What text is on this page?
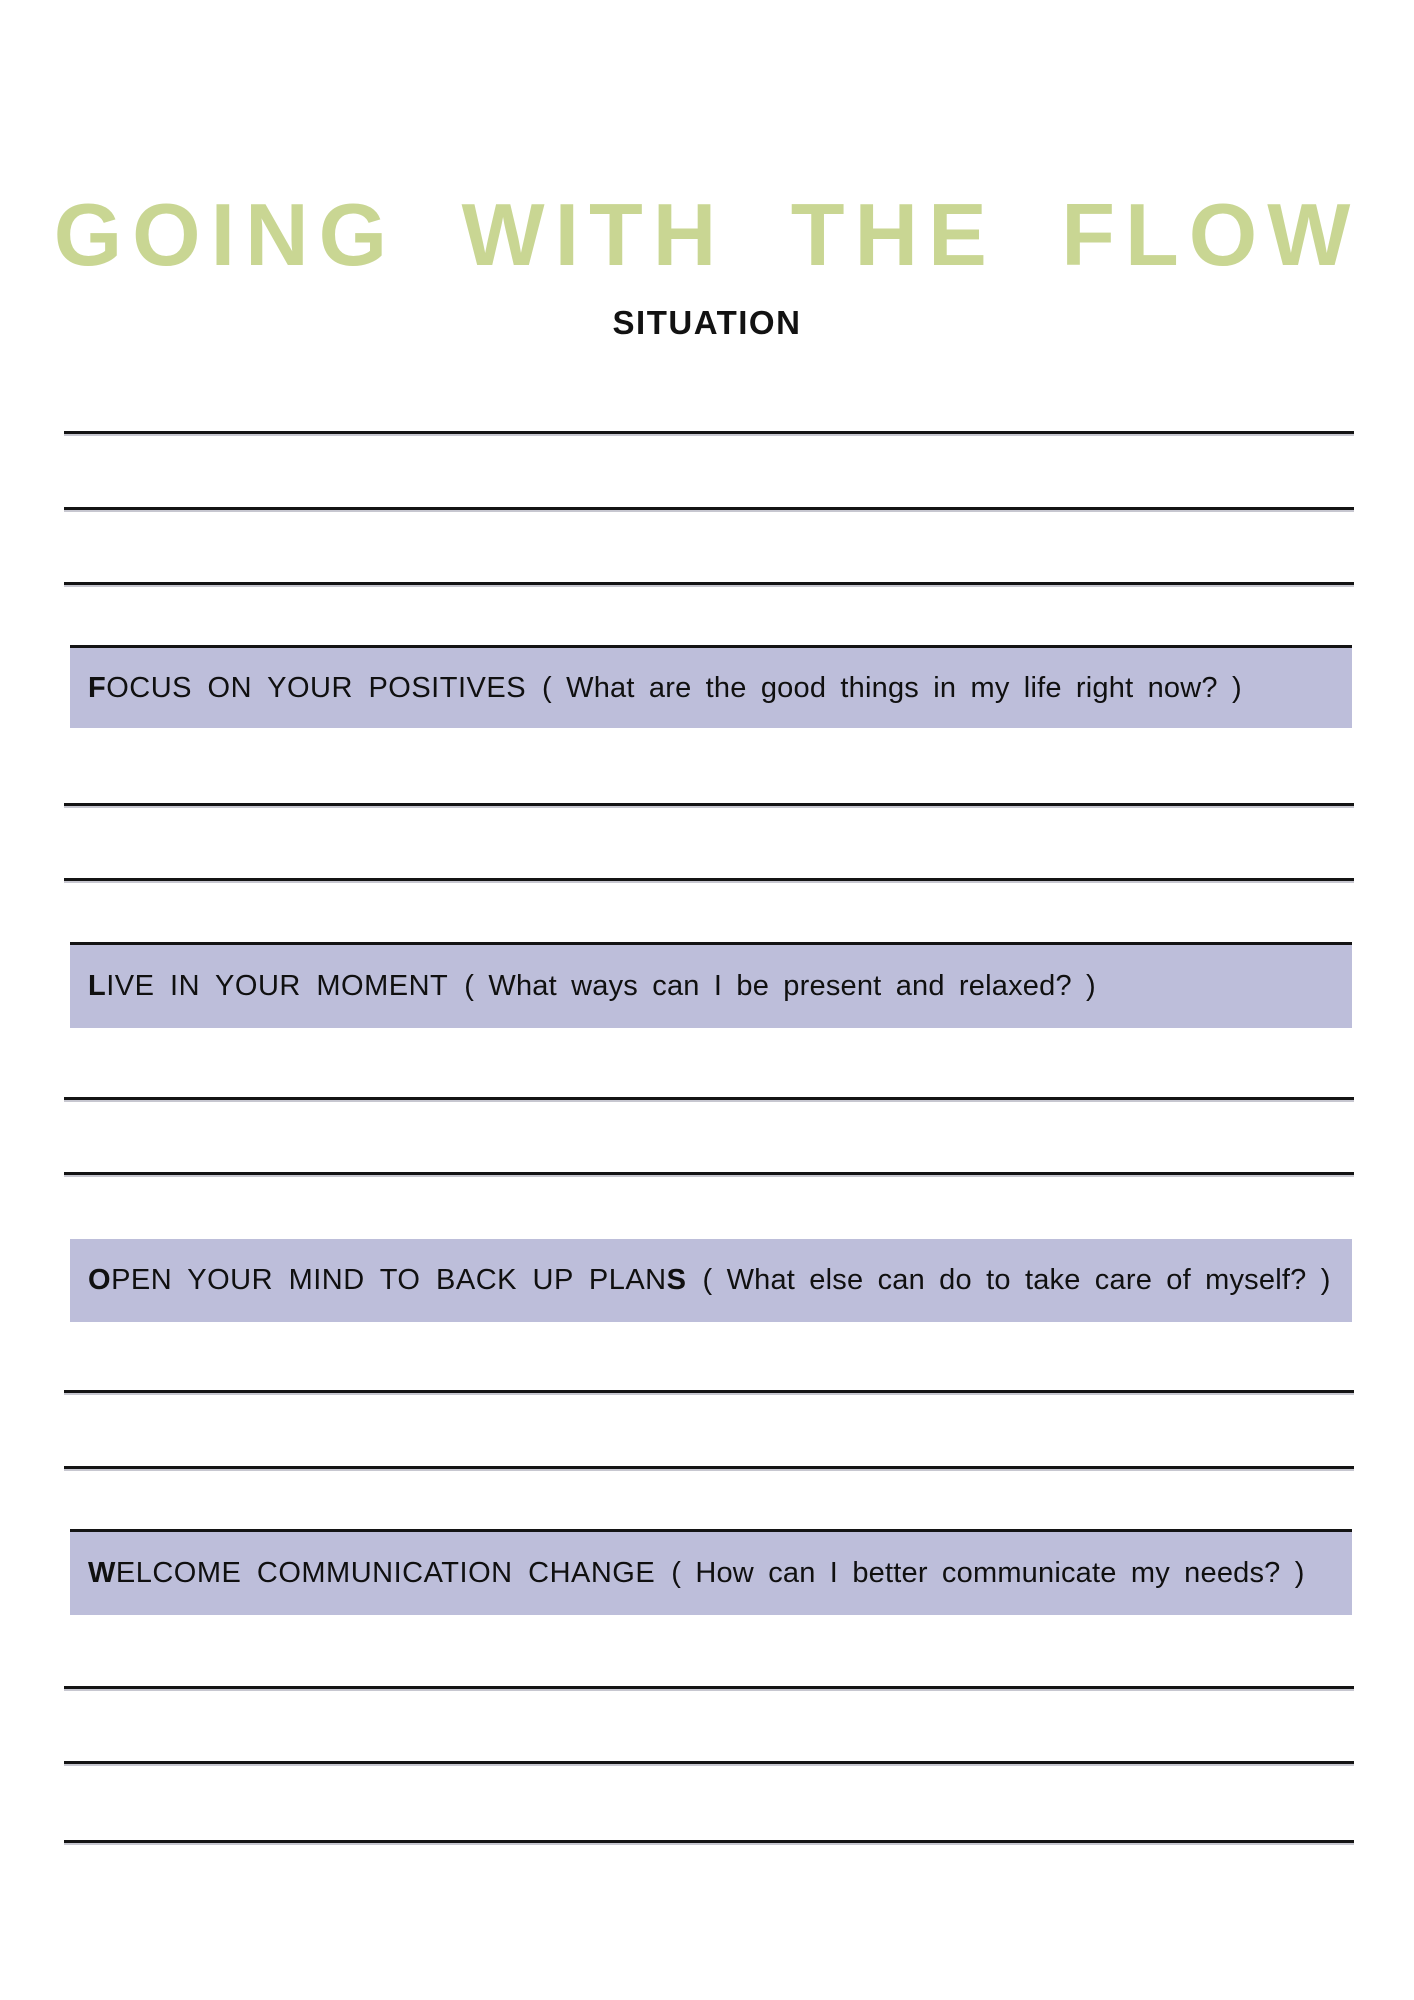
GOING WITH THE FLOW
SITUATION
FOCUS ON YOUR POSITIVES ( What are the good things in my life right now? )
LIVE IN YOUR MOMENT ( What ways can I be present and relaxed? )
OPEN YOUR MIND TO BACK UP PLANS ( What else can do to take care of myself? )
WELCOME COMMUNICATION CHANGE ( How can I better communicate my needs? )
